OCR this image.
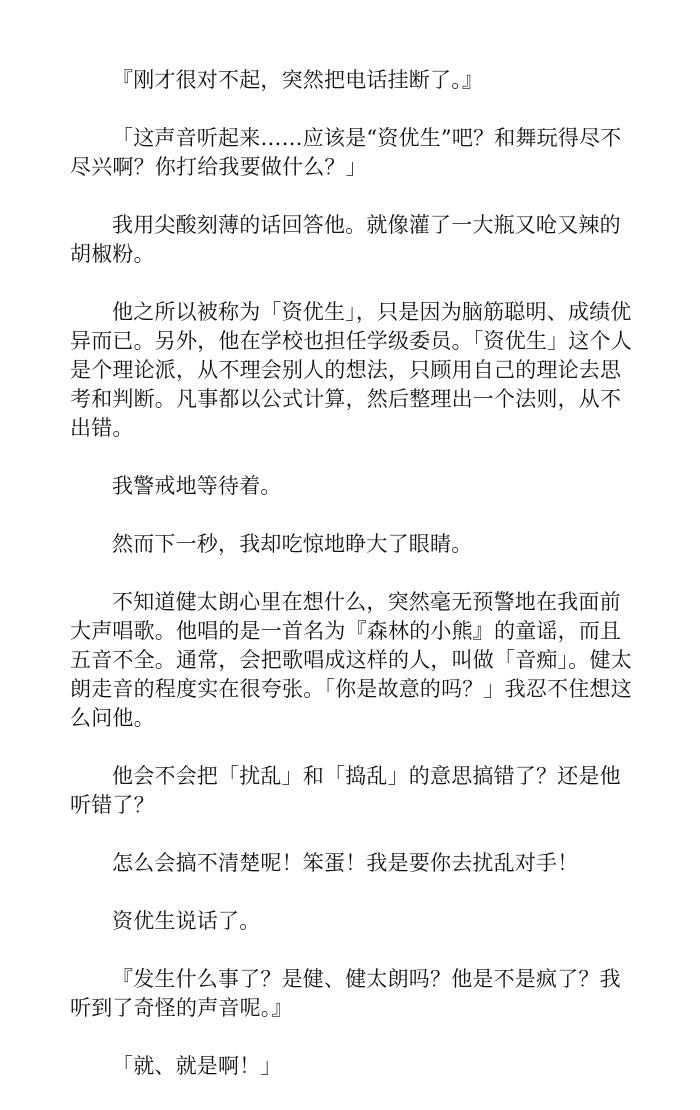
『刚才很对不起，突然把电话挂断了。』

「这声音听起来……应该是“资优生”吧？和舞玩得尽不尽兴啊？你打给我要做什么？」

我用尖酸刻薄的话回答他。就像灌了一大瓶又呛又辣的胡椒粉。

他之所以被称为「资优生」，只是因为脑筋聪明、成绩优异而已。另外，他在学校也担任学级委员。「资优生」这个人是个理论派，从不理会别人的想法，只顾用自己的理论去思考和判断。凡事都以公式计算，然后整理出一个法则，从不出错。

我警戒地等待着。

然而下一秒，我却吃惊地睁大了眼睛。

不知道健太朗心里在想什么，突然毫无预警地在我面前大声唱歌。他唱的是一首名为『森林的小熊』的童谣，而且五音不全。通常，会把歌唱成这样的人，叫做「音痴」。健太朗走音的程度实在很夸张。「你是故意的吗？」我忍不住想这么问他。

他会不会把「扰乱」和「捣乱」的意思搞错了？还是他听错了？

怎么会搞不清楚呢！笨蛋！我是要你去扰乱对手！

资优生说话了。

『发生什么事了？是健、健太朗吗？他是不是疯了？我听到了奇怪的声音呢。』

「就、就是啊！」
